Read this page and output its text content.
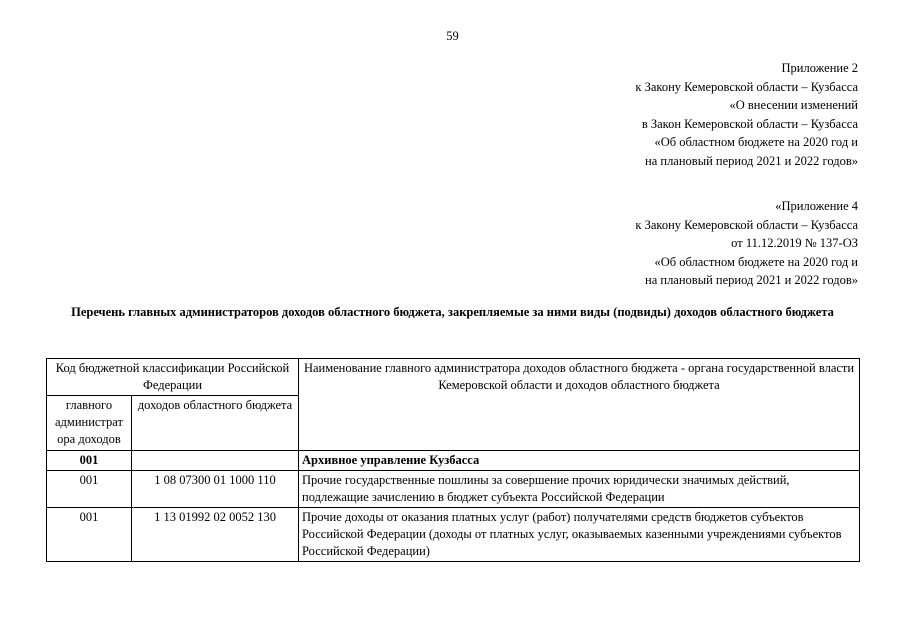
59
Приложение 2
к Закону Кемеровской области – Кузбасса
«О внесении изменений
в Закон Кемеровской области – Кузбасса
«Об областном бюджете на 2020 год и
на плановый период 2021 и 2022 годов»
«Приложение 4
к Закону Кемеровской области – Кузбасса
от 11.12.2019 № 137-ОЗ
«Об областном бюджете на 2020 год и
на плановый период 2021 и 2022 годов»
Перечень главных администраторов доходов областного бюджета, закрепляемые за ними виды (подвиды) доходов областного бюджета
Код бюджетной классификации Российской Федерации		Наименование главного администратора доходов областного бюджета - органа государственной власти Кемеровской области и доходов областного бюджета
главного администрат ора доходов	доходов областного бюджета	
001		Архивное управление Кузбасса
001	1 08 07300 01 1000 110	Прочие государственные пошлины за совершение прочих юридически значимых действий, подлежащие зачислению в бюджет субъекта Российской Федерации
001	1 13 01992 02 0052 130	Прочие доходы от оказания платных услуг (работ) получателями средств бюджетов субъектов Российской Федерации (доходы от платных услуг, оказываемых казенными учреждениями субъектов Российской Федерации)
